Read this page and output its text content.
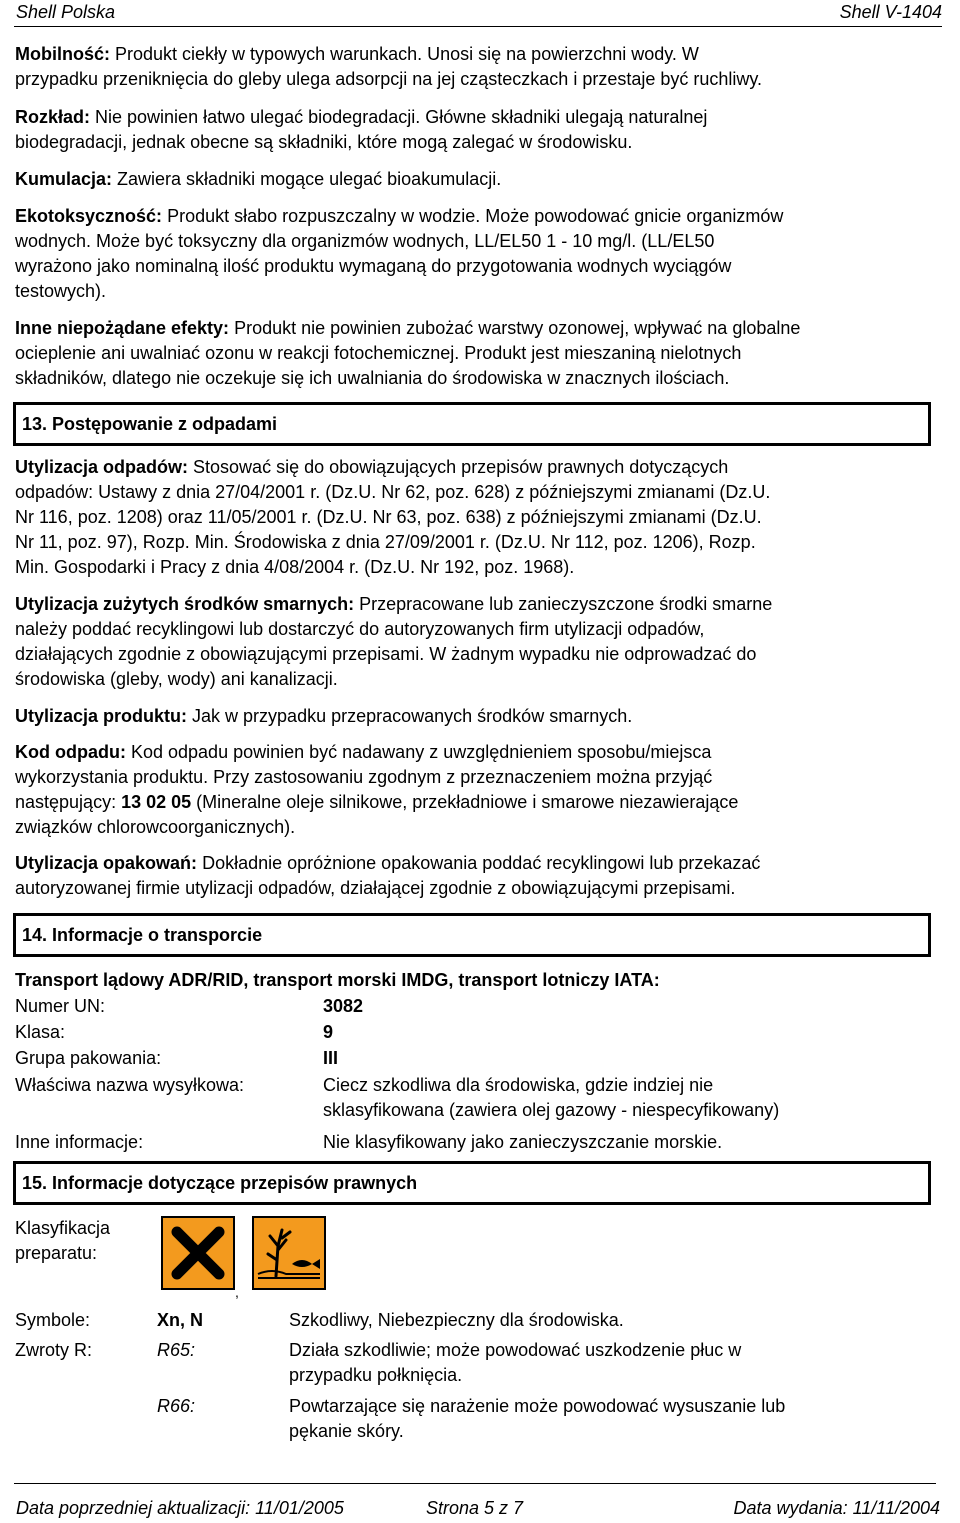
Shell Polska	Shell V-1404

Mobilność: Produkt ciekły w typowych warunkach. Unosi się na powierzchni wody. W

przypadku przeniknięcia do gleby ulega adsorpcji na jej cząsteczkach i przestaje być ruchliwy.

Rozkład: Nie powinien łatwo ulegać biodegradacji. Główne składniki ulegają naturalnej

biodegradacji, jednak obecne są składniki, które mogą zalegać w środowisku.

Kumulacja: Zawiera składniki mogące ulegać bioakumulacji.

Ekotoksyczność: Produkt słabo rozpuszczalny w wodzie. Może powodować gnicie organizmów

wodnych. Może być toksyczny dla organizmów wodnych, LL/EL50 1 - 10 mg/l. (LL/EL50

wyrażono jako nominalną ilość produktu wymaganą do przygotowania wodnych wyciągów

testowych).

Inne niepożądane efekty: Produkt nie powinien zubożać warstwy ozonowej, wpływać na globalne

ocieplenie ani uwalniać ozonu w reakcji fotochemicznej. Produkt jest mieszaniną nielotnych

składników, dlatego nie oczekuje się ich uwalniania do środowiska w znacznych ilościach.

13. Postępowanie z odpadami

Utylizacja odpadów: Stosować się do obowiązujących przepisów prawnych dotyczących

odpadów: Ustawy z dnia 27/04/2001 r. (Dz.U. Nr 62, poz. 628) z późniejszymi zmianami (Dz.U.

Nr 116, poz. 1208) oraz 11/05/2001 r. (Dz.U. Nr 63, poz. 638) z późniejszymi zmianami (Dz.U.

Nr 11, poz. 97), Rozp. Min. Środowiska z dnia 27/09/2001 r. (Dz.U. Nr 112, poz. 1206), Rozp.

Min. Gospodarki i Pracy z dnia 4/08/2004 r. (Dz.U. Nr 192, poz. 1968).

Utylizacja zużytych środków smarnych: Przepracowane lub zanieczyszczone środki smarne

należy poddać recyklingowi lub dostarczyć do autoryzowanych firm utylizacji odpadów,

działających zgodnie z obowiązującymi przepisami. W żadnym wypadku nie odprowadzać do

środowiska (gleby, wody) ani kanalizacji.

Utylizacja produktu: Jak w przypadku przepracowanych środków smarnych.

Kod odpadu: Kod odpadu powinien być nadawany z uwzględnieniem sposobu/miejsca

wykorzystania produktu. Przy zastosowaniu zgodnym z przeznaczeniem można przyjąć

następujący: 13 02 05 (Mineralne oleje silnikowe, przekładniowe i smarowe niezawierające

związków chlorowcoorganicznych).

Utylizacja opakowań: Dokładnie opróżnione opakowania poddać recyklingowi lub przekazać

autoryzowanej firmie utylizacji odpadów, działającej zgodnie z obowiązującymi przepisami.

14. Informacje o transporcie
Transport lądowy ADR/RID, transport morski IMDG, transport lotniczy IATA:
Numer UN:	3082
Klasa:	9
Grupa pakowania:	III
Właściwa nazwa wysyłkowa:	Ciecz szkodliwa dla środowiska, gdzie indziej nie
sklasyfikowana (zawiera olej gazowy - niespecyfikowany)
Inne informacje:	Nie klasyfikowany jako zanieczyszczanie morskie.
15. Informacje dotyczące przepisów prawnych
Klasyfikacja
preparatu:
,
Symbole:	Xn, N	Szkodliwy, Niebezpieczny dla środowiska.
Zwroty R:	R65:	Działa szkodliwie; może powodować uszkodzenie płuc w
przypadku połknięcia.
R66:	Powtarzające się narażenie może powodować wysuszanie lub
pękanie skóry.
Data poprzedniej aktualizacji: 11/01/2005	Strona 5 z 7	Data wydania: 11/11/2004
